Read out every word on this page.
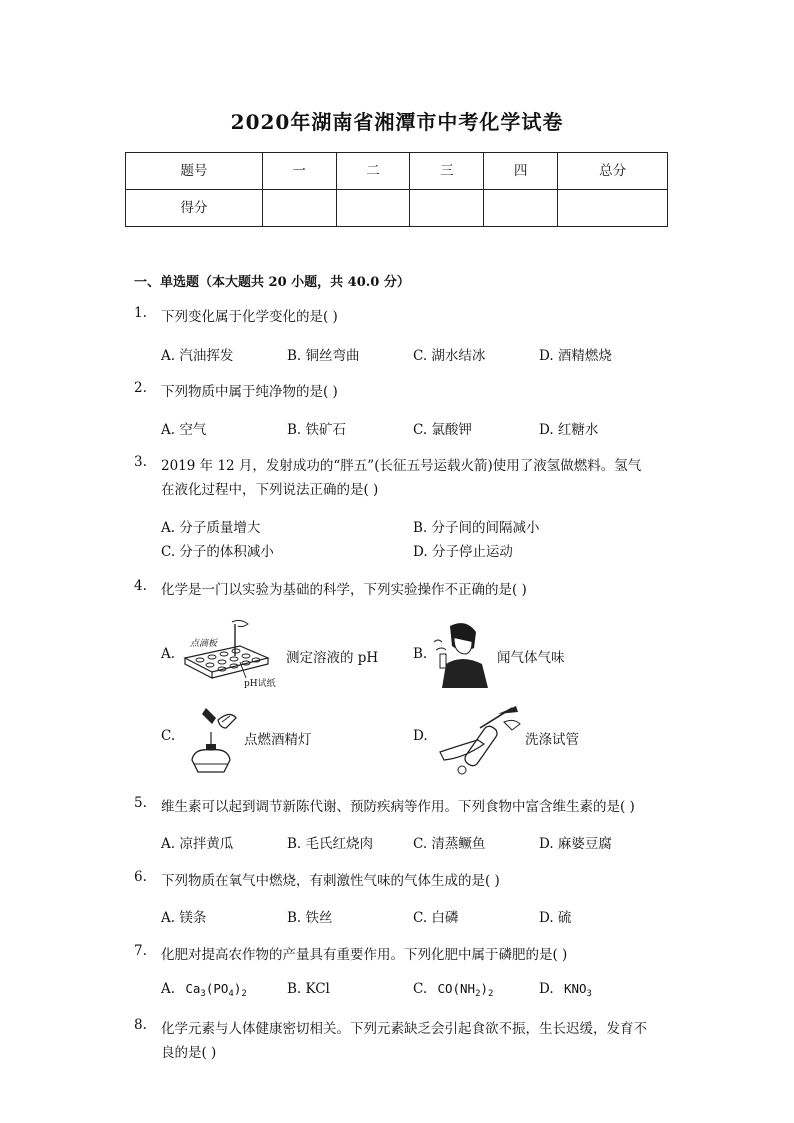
2020年湖南省湘潭市中考化学试卷
题号	一	二	三	四	总分
得分					
一、单选题（本大题共 20 小题，共 40.0 分）
1.	下列变化属于化学变化的是( )
A. 汽油挥发	B. 铜丝弯曲	C. 湖水结冰	D. 酒精燃烧
2.	下列物质中属于纯净物的是( )
A. 空气	B. 铁矿石	C. 氯酸钾	D. 红糖水
3.	2019 年 12 月，发射成功的“胖五”(长征五号运载火箭)使用了液氢做燃料。氢气
在液化过程中，下列说法正确的是( )
A. 分子质量增大	B. 分子间的间隔减小
C. 分子的体积减小	D. 分子停止运动
4.	化学是一门以实验为基础的科学，下列实验操作不正确的是( )
A.
点滴板
pH试纸
测定溶液的 pH	B.	闻气体气味
C.	点燃酒精灯	D.	洗涤试管
5.	维生素可以起到调节新陈代谢、预防疾病等作用。下列食物中富含维生素的是( )
A. 凉拌黄瓜	B. 毛氏红烧肉	C. 清蒸鳜鱼	D. 麻婆豆腐
6.	下列物质在氧气中燃烧，有刺激性气味的气体生成的是( )
A. 镁条	B. 铁丝	C. 白磷	D. 硫
7.	化肥对提高农作物的产量具有重要作用。下列化肥中属于磷肥的是( )
A. $Ca_3(PO_4)_2$	B. KCl	C. $CO(NH_2)_2$	D. $KNO_3$
8.	化学元素与人体健康密切相关。下列元素缺乏会引起食欲不振，生长迟缓，发育不
良的是( )
